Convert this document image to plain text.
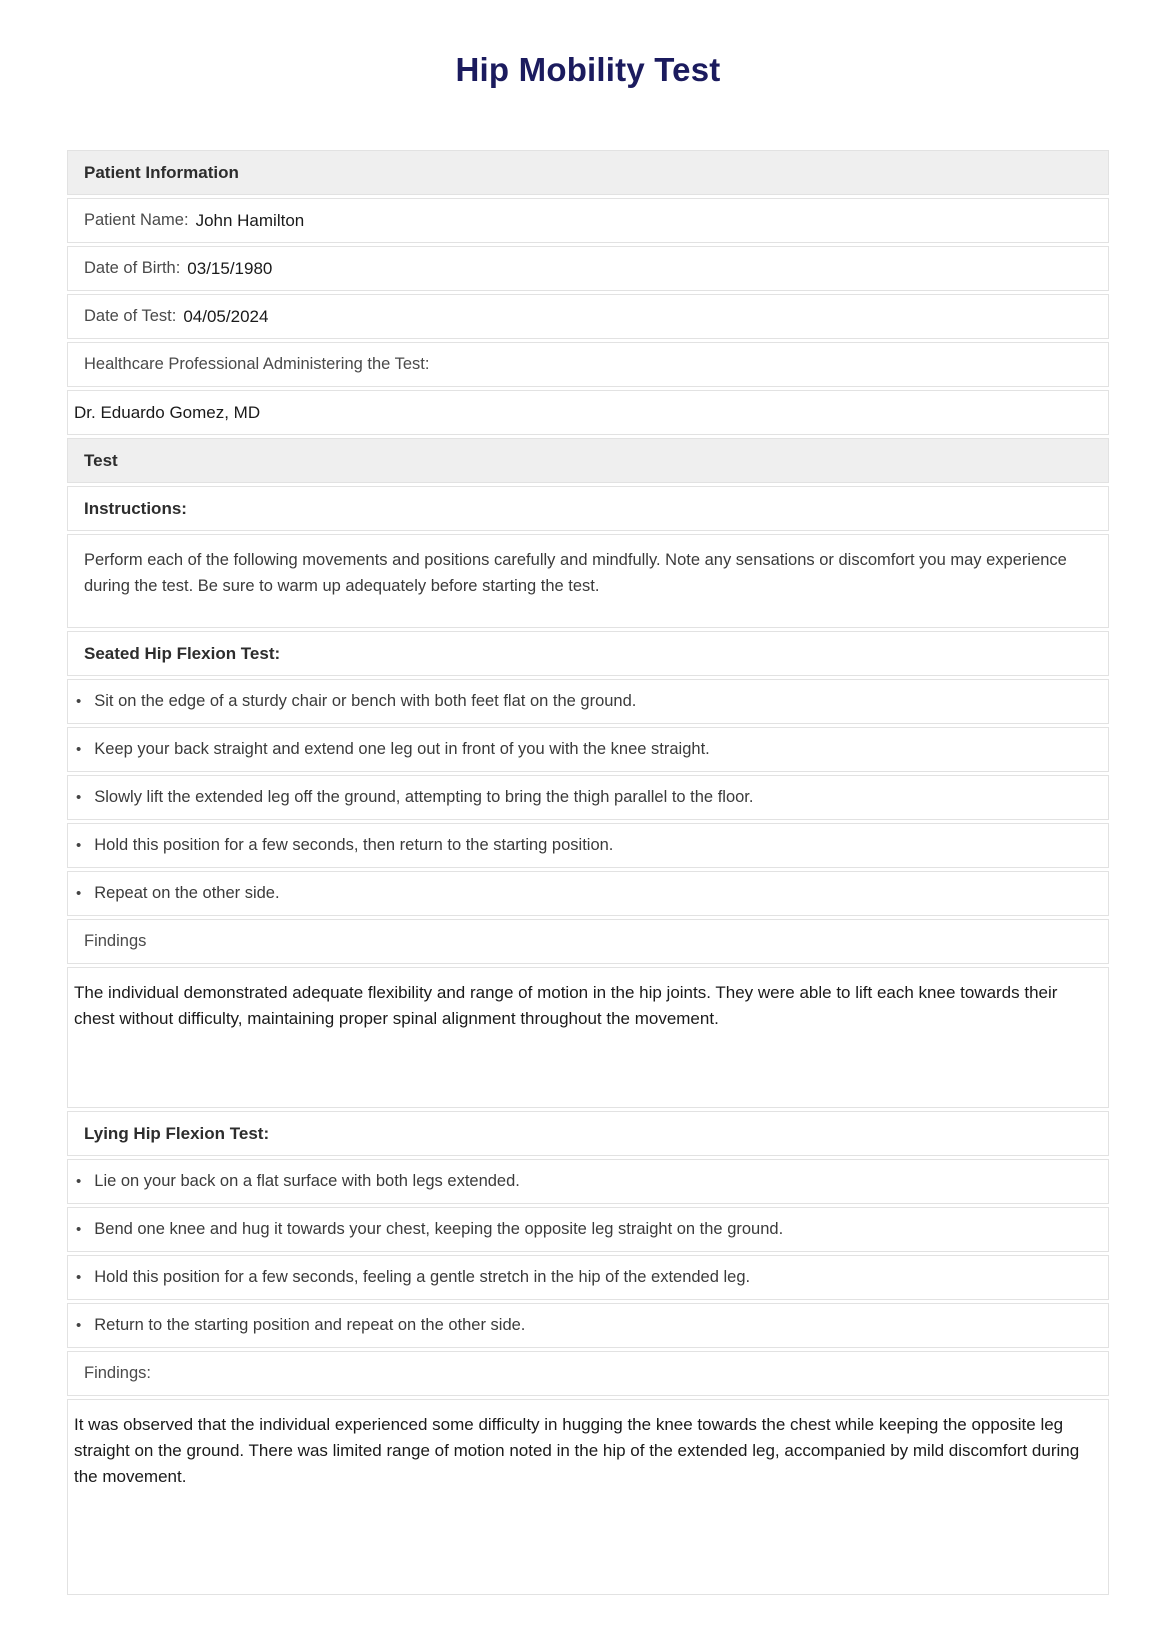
Hip Mobility Test
Patient Information
Patient Name: John Hamilton
Date of Birth: 03/15/1980
Date of Test: 04/05/2024
Healthcare Professional Administering the Test:
Dr. Eduardo Gomez, MD
Test
Instructions:
Perform each of the following movements and positions carefully and mindfully. Note any sensations or discomfort you may experience during the test. Be sure to warm up adequately before starting the test.
Seated Hip Flexion Test:
• Sit on the edge of a sturdy chair or bench with both feet flat on the ground.
• Keep your back straight and extend one leg out in front of you with the knee straight.
• Slowly lift the extended leg off the ground, attempting to bring the thigh parallel to the floor.
• Hold this position for a few seconds, then return to the starting position.
• Repeat on the other side.
Findings
The individual demonstrated adequate flexibility and range of motion in the hip joints. They were able to lift each knee towards their chest without difficulty, maintaining proper spinal alignment throughout the movement.
Lying Hip Flexion Test:
• Lie on your back on a flat surface with both legs extended.
• Bend one knee and hug it towards your chest, keeping the opposite leg straight on the ground.
• Hold this position for a few seconds, feeling a gentle stretch in the hip of the extended leg.
• Return to the starting position and repeat on the other side.
Findings:
It was observed that the individual experienced some difficulty in hugging the knee towards the chest while keeping the opposite leg straight on the ground. There was limited range of motion noted in the hip of the extended leg, accompanied by mild discomfort during the movement.
